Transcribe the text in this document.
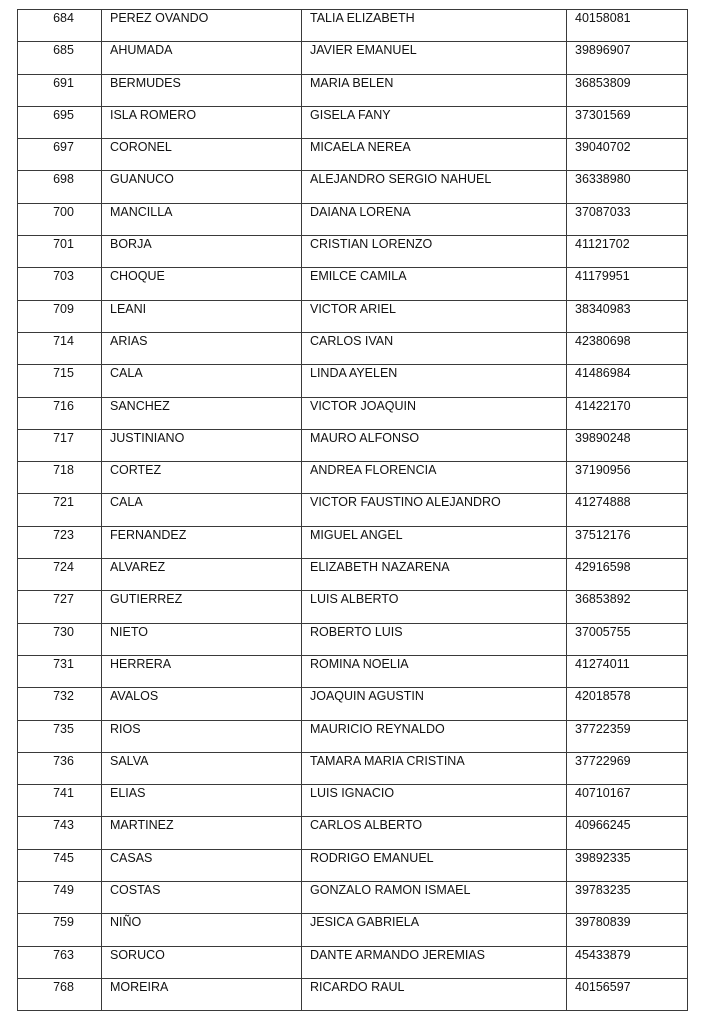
684	PEREZ OVANDO	TALIA ELIZABETH	40158081
685	AHUMADA	JAVIER EMANUEL	39896907
691	BERMUDES	MARIA BELEN	36853809
695	ISLA ROMERO	GISELA FANY	37301569
697	CORONEL	MICAELA NEREA	39040702
698	GUANUCO	ALEJANDRO SERGIO NAHUEL	36338980
700	MANCILLA	DAIANA LORENA	37087033
701	BORJA	CRISTIAN LORENZO	41121702
703	CHOQUE	EMILCE CAMILA	41179951
709	LEANI	VICTOR ARIEL	38340983
714	ARIAS	CARLOS IVAN	42380698
715	CALA	LINDA AYELEN	41486984
716	SANCHEZ	VICTOR JOAQUIN	41422170
717	JUSTINIANO	MAURO ALFONSO	39890248
718	CORTEZ	ANDREA FLORENCIA	37190956
721	CALA	VICTOR FAUSTINO ALEJANDRO	41274888
723	FERNANDEZ	MIGUEL ANGEL	37512176
724	ALVAREZ	ELIZABETH NAZARENA	42916598
727	GUTIERREZ	LUIS ALBERTO	36853892
730	NIETO	ROBERTO LUIS	37005755
731	HERRERA	ROMINA NOELIA	41274011
732	AVALOS	JOAQUIN AGUSTIN	42018578
735	RIOS	MAURICIO REYNALDO	37722359
736	SALVA	TAMARA MARIA CRISTINA	37722969
741	ELIAS	LUIS IGNACIO	40710167
743	MARTINEZ	CARLOS ALBERTO	40966245
745	CASAS	RODRIGO EMANUEL	39892335
749	COSTAS	GONZALO RAMON ISMAEL	39783235
759	NIÑO	JESICA GABRIELA	39780839
763	SORUCO	DANTE ARMANDO JEREMIAS	45433879
768	MOREIRA	RICARDO RAUL	40156597
